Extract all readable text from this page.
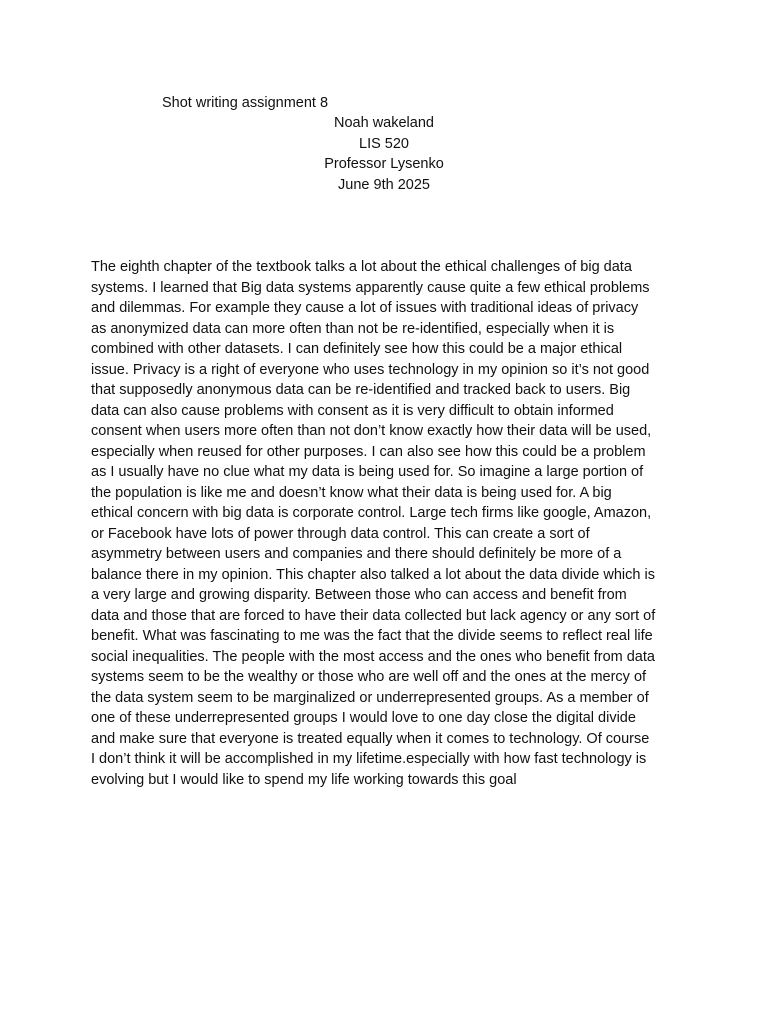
Shot writing assignment 8
Noah wakeland
LIS 520
Professor Lysenko
June 9th 2025
The eighth chapter of the textbook talks a lot about the ethical challenges of big data
systems. I learned that Big data systems apparently cause quite a few ethical problems
and dilemmas. For example they cause a lot of issues with traditional ideas of privacy
as anonymized data can more often than not be re-identified, especially when it is
combined with other datasets. I can definitely see how this could be a major ethical
issue. Privacy is a right of everyone who uses technology in my opinion so it’s not good
that supposedly anonymous data can be re-identified and tracked back to users. Big
data can also cause problems with consent as it is very difficult to obtain informed
consent when users more often than not don’t know exactly how their data will be used,
especially when reused for other purposes. I can also see how this could be a problem
as I usually have no clue what my data is being used for. So imagine a large portion of
the population is like me and doesn’t know what their data is being used for. A big
ethical concern with big data is corporate control. Large tech firms like google, Amazon,
or Facebook have lots of power through data control. This can create a sort of
asymmetry between users and companies and there should definitely be more of a
balance there in my opinion. This chapter also talked a lot about the data divide which is
a very large and growing disparity. Between those who can access and benefit from
data and those that are forced to have their data collected but lack agency or any sort of
benefit. What was fascinating to me was the fact that the divide seems to reflect real life
social inequalities. The people with the most access and the ones who benefit from data
systems seem to be the wealthy or those who are well off and the ones at the mercy of
the data system seem to be marginalized or underrepresented groups. As a member of
one of these underrepresented groups I would love to one day close the digital divide
and make sure that everyone is treated equally when it comes to technology. Of course
I don’t think it will be accomplished in my lifetime.especially with how fast technology is
evolving but I would like to spend my life working towards this goal
